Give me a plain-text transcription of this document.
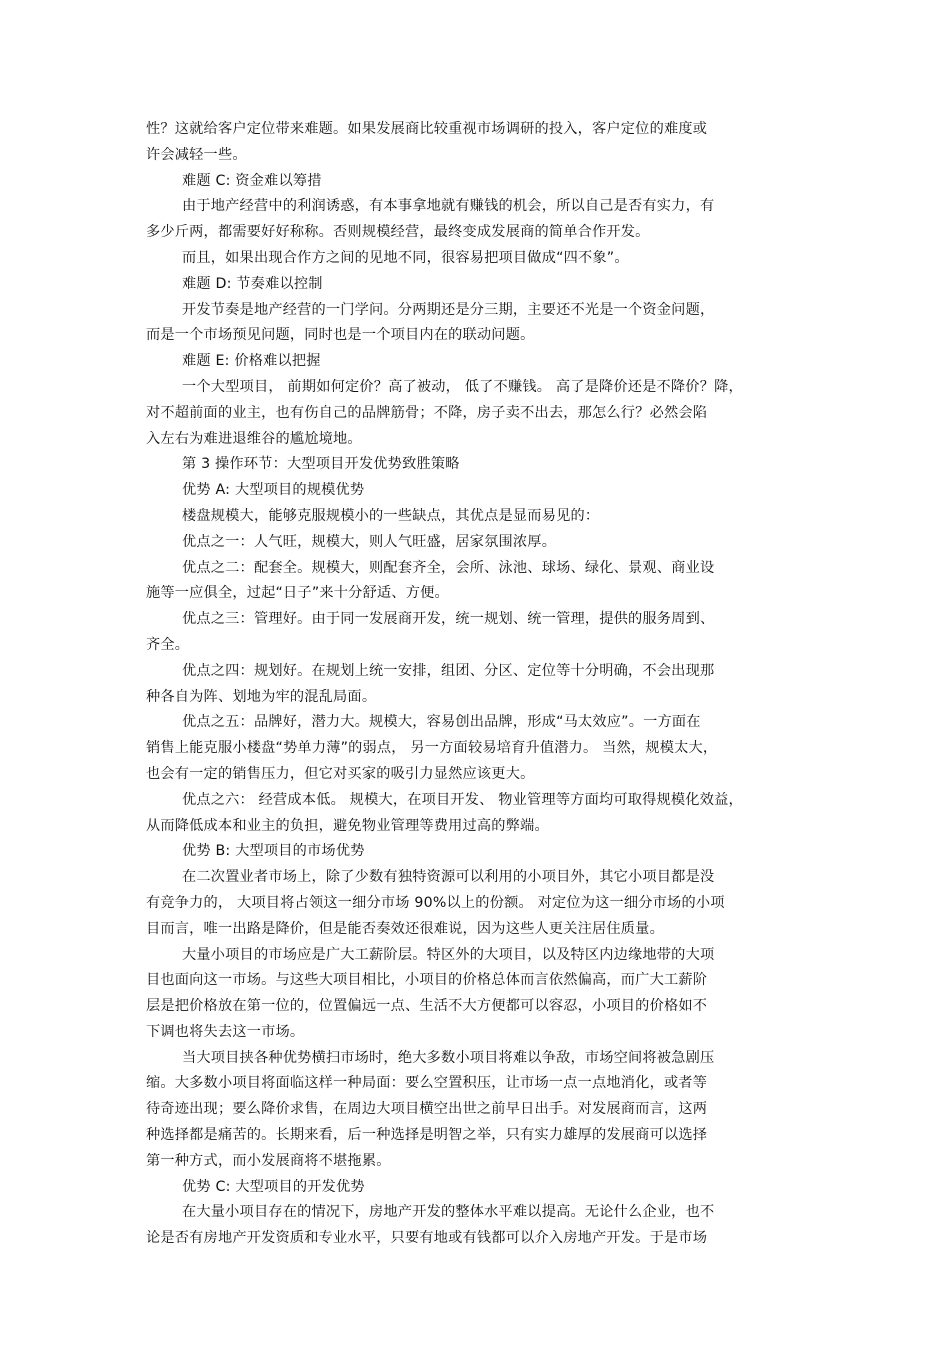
性？这就给客户定位带来难题。如果发展商比较重视市场调研的投入，客户定位的难度或
许会减轻一些。
难题 C: 资金难以筹措
由于地产经营中的利润诱惑，有本事拿地就有赚钱的机会，所以自己是否有实力，有
多少斤两，都需要好好称称。否则规模经营，最终变成发展商的简单合作开发。
而且，如果出现合作方之间的见地不同，很容易把项目做成“四不象”。
难题 D: 节奏难以控制
开发节奏是地产经营的一门学问。分两期还是分三期，主要还不光是一个资金问题，
而是一个市场预见问题，同时也是一个项目内在的联动问题。
难题 E: 价格难以把握
一个大型项目， 前期如何定价？高了被动， 低了不赚钱。 高了是降价还是不降价？降，
对不超前面的业主，也有伤自己的品牌筋骨；不降，房子卖不出去，那怎么行？必然会陷
入左右为难进退维谷的尴尬境地。
第 3 操作环节：大型项目开发优势致胜策略
优势 A: 大型项目的规模优势
楼盘规模大，能够克服规模小的一些缺点，其优点是显而易见的：
优点之一：人气旺，规模大，则人气旺盛，居家氛围浓厚。
优点之二：配套全。规模大，则配套齐全，会所、泳池、球场、绿化、景观、商业设
施等一应俱全，过起“日子”来十分舒适、方便。
优点之三：管理好。由于同一发展商开发，统一规划、统一管理，提供的服务周到、
齐全。
优点之四：规划好。在规划上统一安排，组团、分区、定位等十分明确，不会出现那
种各自为阵、划地为牢的混乱局面。
优点之五：品牌好，潜力大。规模大，容易创出品牌，形成“马太效应”。一方面在
销售上能克服小楼盘“势单力薄”的弱点， 另一方面较易培育升值潜力。 当然，规模太大，
也会有一定的销售压力，但它对买家的吸引力显然应该更大。
优点之六： 经营成本低。 规模大，在项目开发、 物业管理等方面均可取得规模化效益，
从而降低成本和业主的负担，避免物业管理等费用过高的弊端。
优势 B: 大型项目的市场优势
在二次置业者市场上，除了少数有独特资源可以利用的小项目外，其它小项目都是没
有竞争力的， 大项目将占领这一细分市场 90%以上的份额。 对定位为这一细分市场的小项
目而言，唯一出路是降价，但是能否奏效还很难说，因为这些人更关注居住质量。
大量小项目的市场应是广大工薪阶层。特区外的大项目，以及特区内边缘地带的大项
目也面向这一市场。与这些大项目相比，小项目的价格总体而言依然偏高，而广大工薪阶
层是把价格放在第一位的，位置偏远一点、生活不大方便都可以容忍，小项目的价格如不
下调也将失去这一市场。
当大项目挟各种优势横扫市场时，绝大多数小项目将难以争敌，市场空间将被急剧压
缩。大多数小项目将面临这样一种局面：要么空置积压，让市场一点一点地消化，或者等
待奇迹出现；要么降价求售，在周边大项目横空出世之前早日出手。对发展商而言，这两
种选择都是痛苦的。长期来看，后一种选择是明智之举，只有实力雄厚的发展商可以选择
第一种方式，而小发展商将不堪拖累。
优势 C: 大型项目的开发优势
在大量小项目存在的情况下，房地产开发的整体水平难以提高。无论什么企业，也不
论是否有房地产开发资质和专业水平，只要有地或有钱都可以介入房地产开发。于是市场
